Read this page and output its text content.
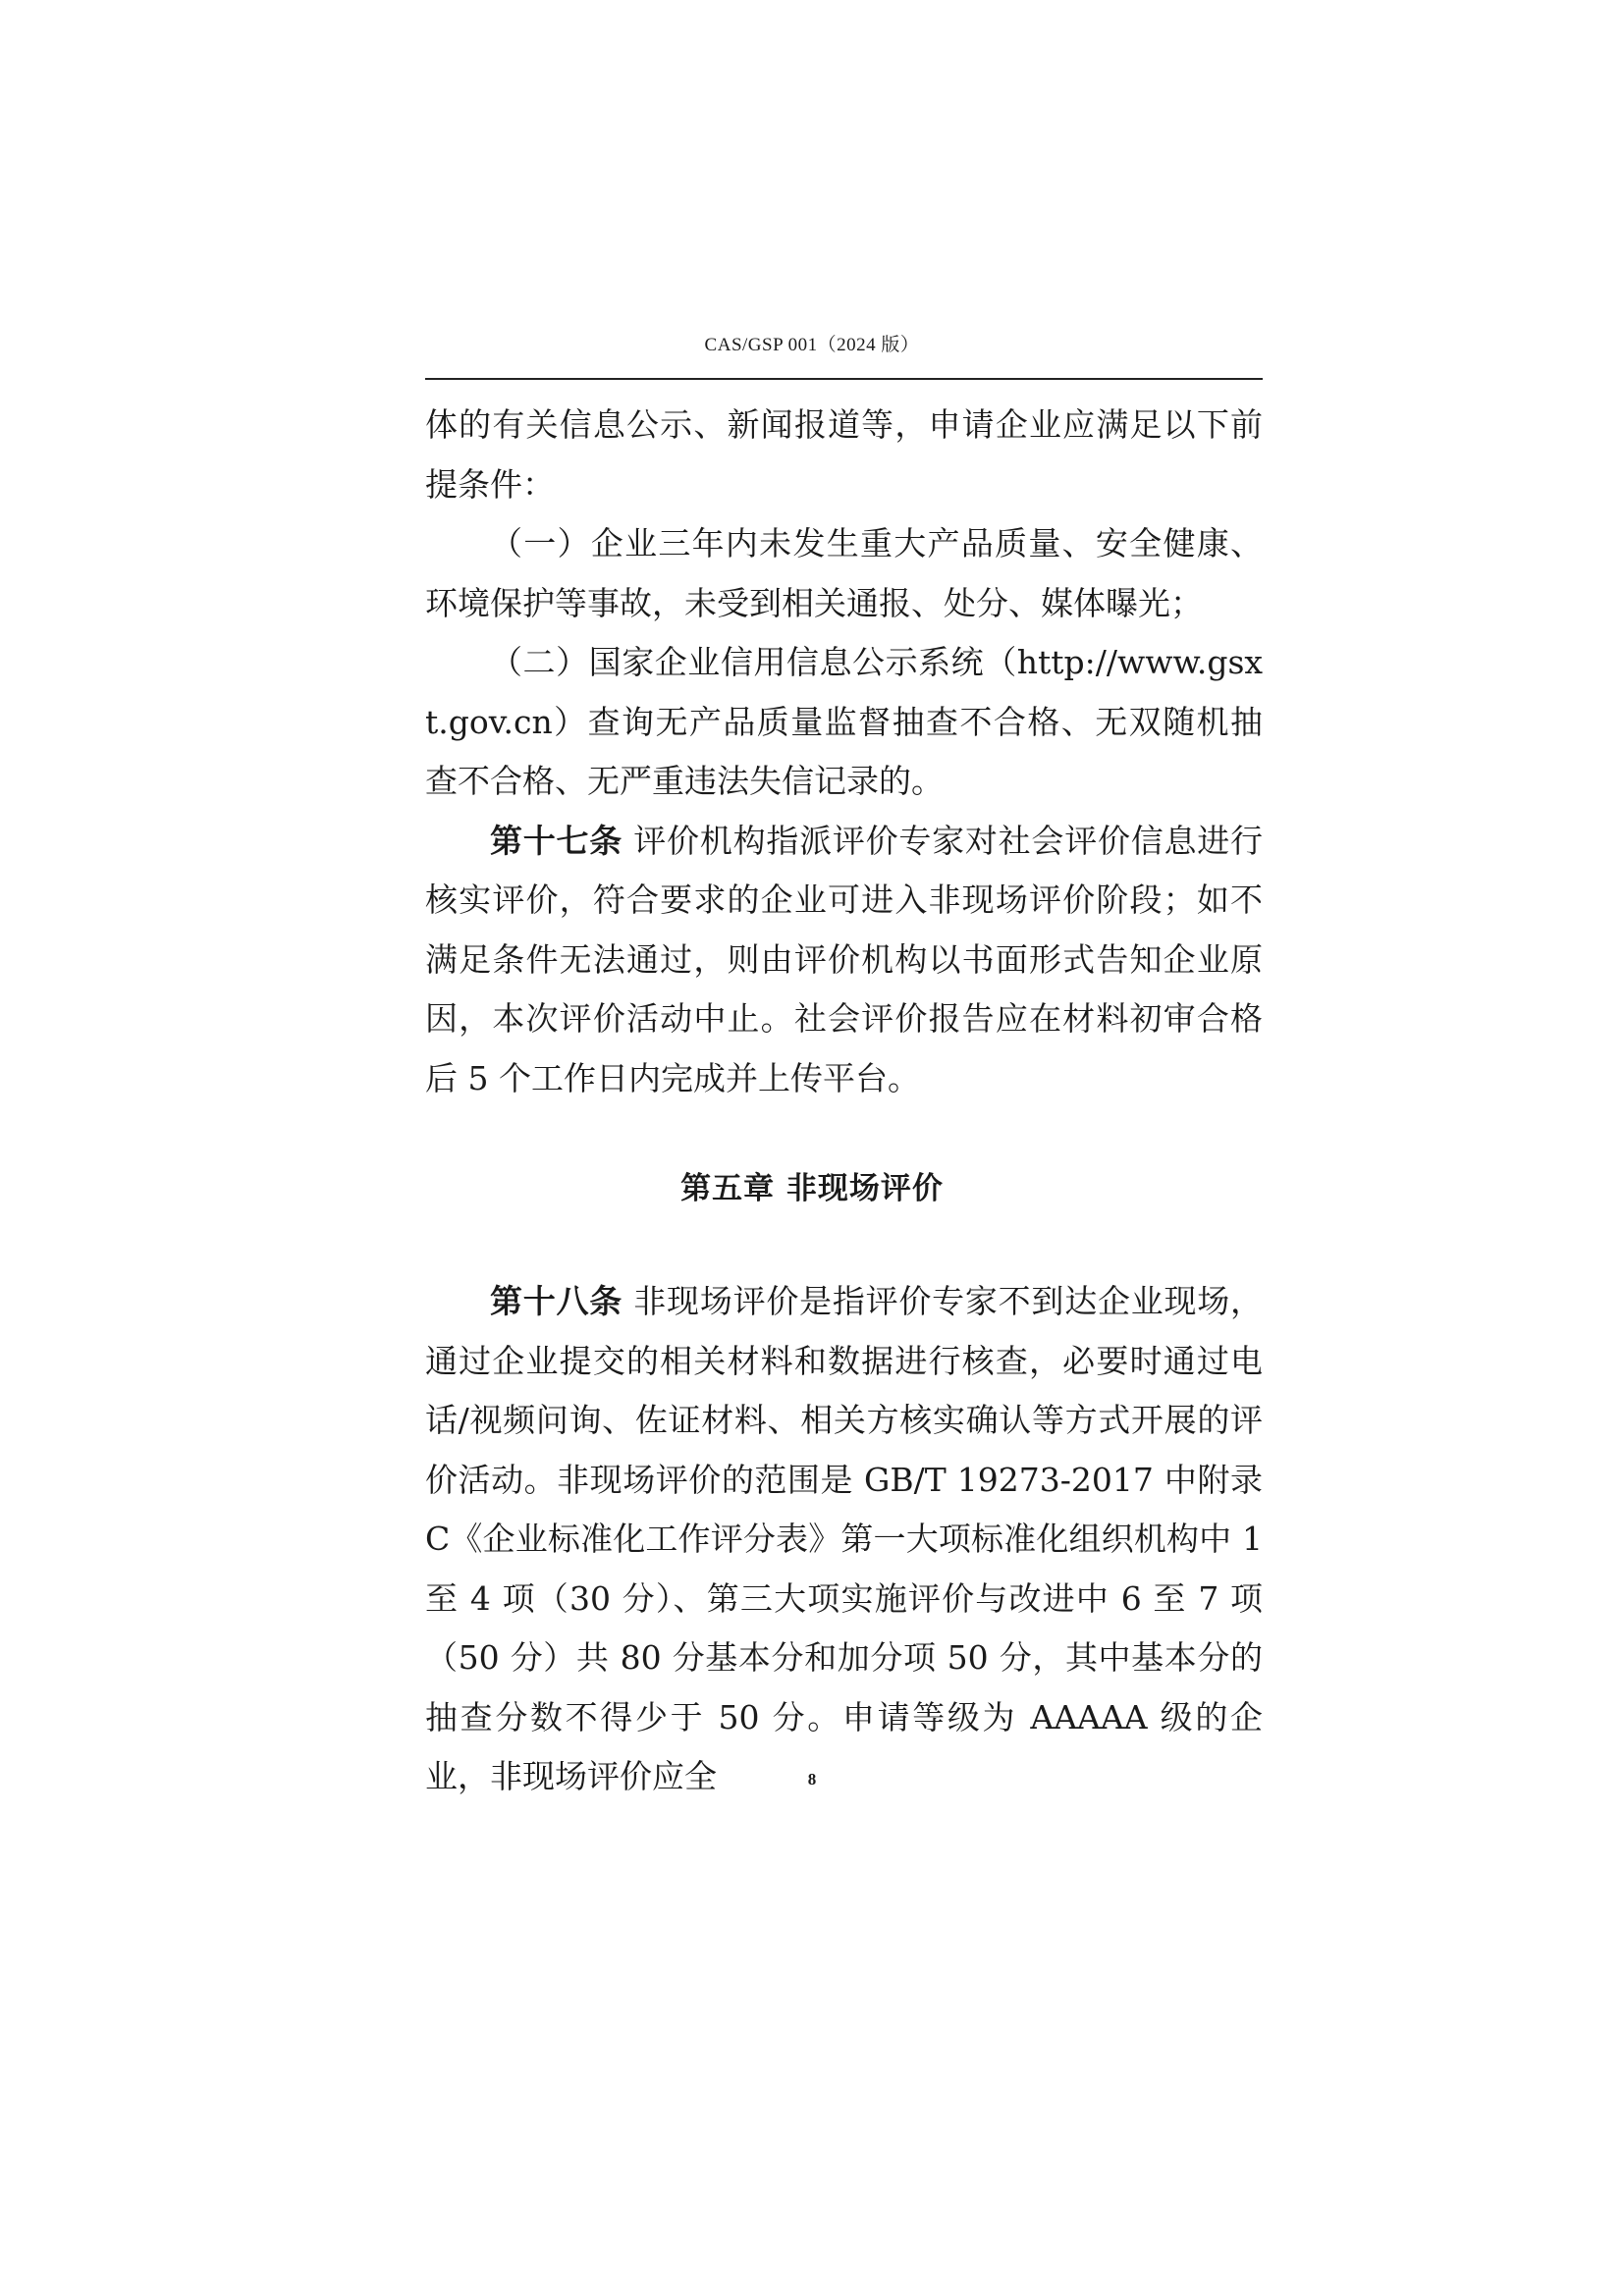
CAS/GSP 001（2024 版）

体的有关信息公示、新闻报道等，申请企业应满足以下前提条件：

（一）企业三年内未发生重大产品质量、安全健康、环境保护等事故，未受到相关通报、处分、媒体曝光；

（二）国家企业信用信息公示系统（http://www.gsxt.gov.cn）查询无产品质量监督抽查不合格、无双随机抽查不合格、无严重违法失信记录的。

第十七条 评价机构指派评价专家对社会评价信息进行核实评价，符合要求的企业可进入非现场评价阶段；如不满足条件无法通过，则由评价机构以书面形式告知企业原因，本次评价活动中止。社会评价报告应在材料初审合格后 5 个工作日内完成并上传平台。

第五章 非现场评价

第十八条 非现场评价是指评价专家不到达企业现场，通过企业提交的相关材料和数据进行核查，必要时通过电话/视频问询、佐证材料、相关方核实确认等方式开展的评价活动。非现场评价的范围是 GB/T 19273-2017 中附录 C《企业标准化工作评分表》第一大项标准化组织机构中 1 至 4 项（30 分）、第三大项实施评价与改进中 6 至 7 项（50 分）共 80 分基本分和加分项 50 分，其中基本分的抽查分数不得少于 50 分。申请等级为 AAAAA 级的企业，非现场评价应全	8
